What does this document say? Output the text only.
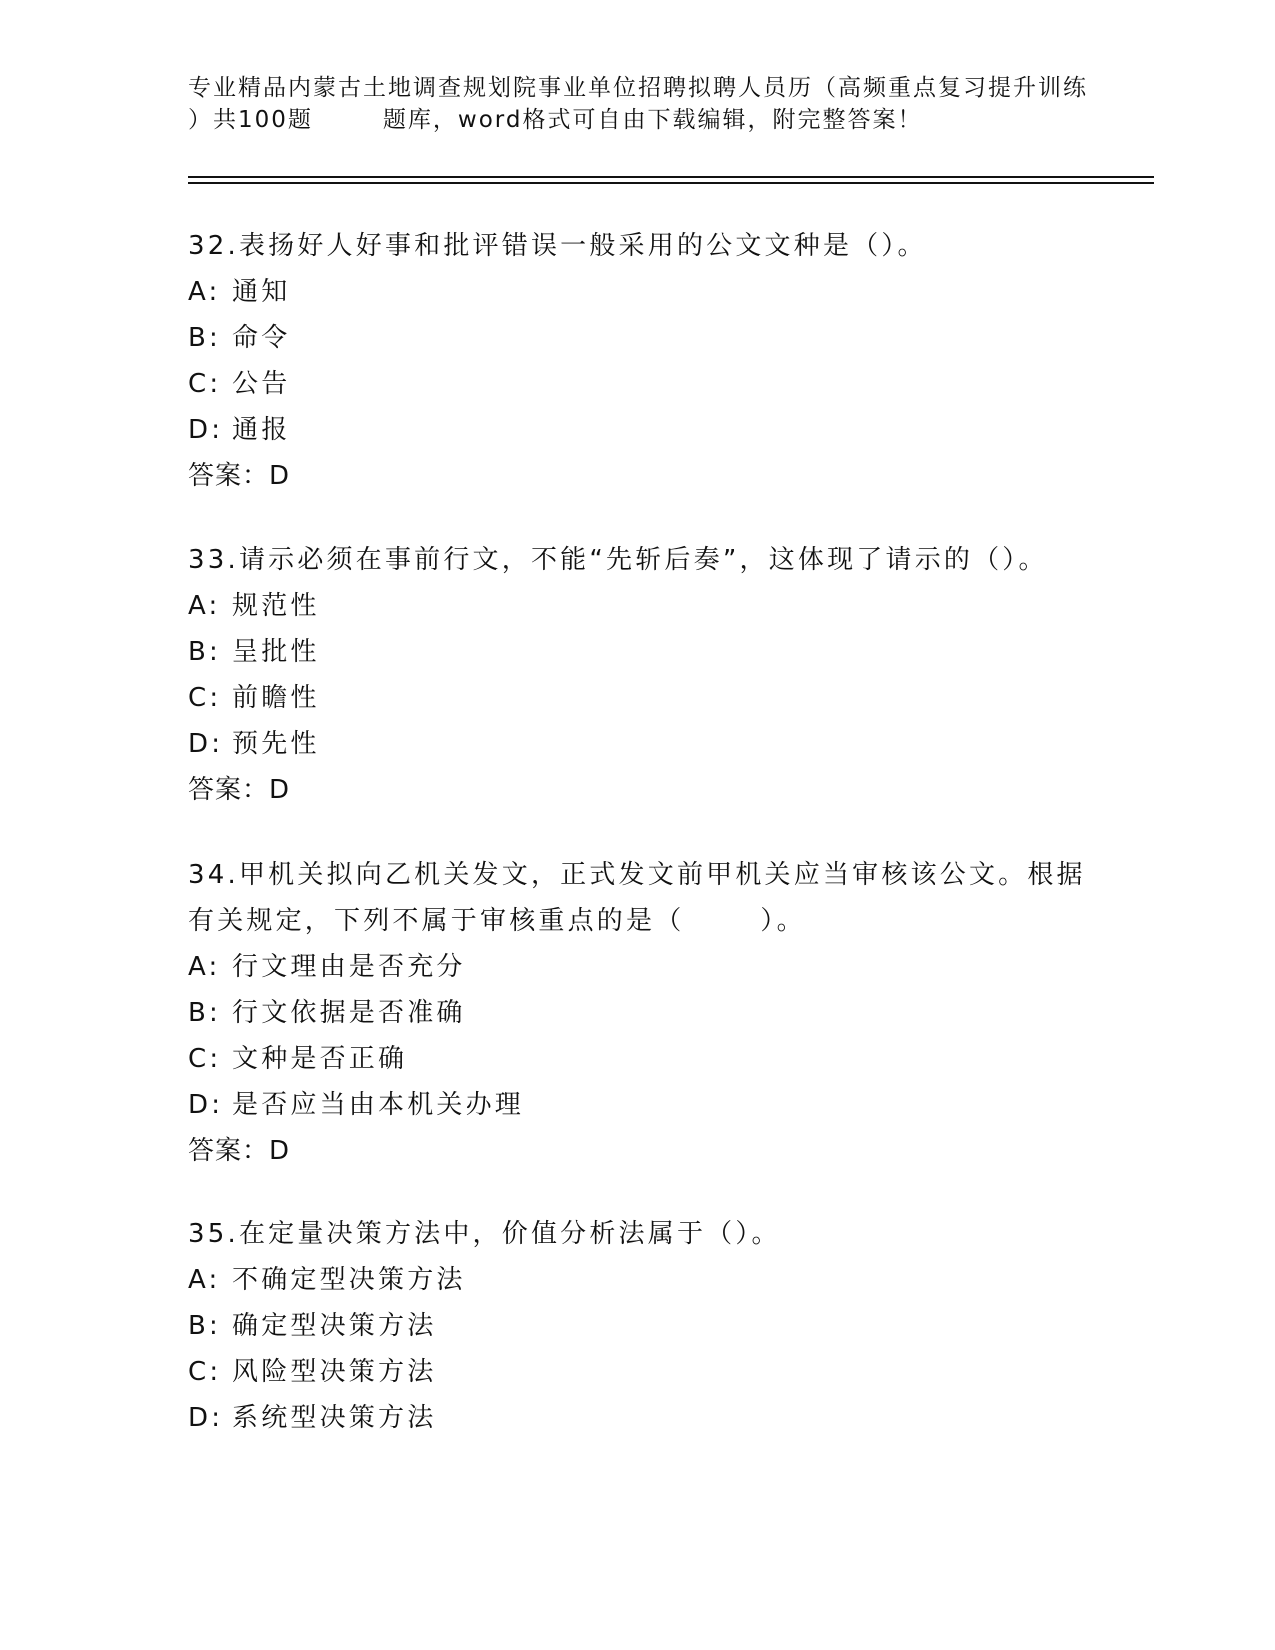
专业精品内蒙古土地调查规划院事业单位招聘拟聘人员历（高频重点复习提升训练
）共100题	题库，word格式可自由下载编辑，附完整答案！

32.表扬好人好事和批评错误一般采用的公文文种是（）。

A: 通知

B: 命令

C: 公告

D: 通报

答案：D

33.请示必须在事前行文，不能“先斩后奏”，这体现了请示的（）。

A: 规范性

B: 呈批性

C: 前瞻性

D: 预先性

答案：D

34.甲机关拟向乙机关发文，正式发文前甲机关应当审核该公文。根据

有关规定，下列不属于审核重点的是（	）。

A: 行文理由是否充分

B: 行文依据是否准确

C: 文种是否正确

D: 是否应当由本机关办理

答案：D

35.在定量决策方法中，价值分析法属于（）。

A: 不确定型决策方法

B: 确定型决策方法

C: 风险型决策方法

D: 系统型决策方法
